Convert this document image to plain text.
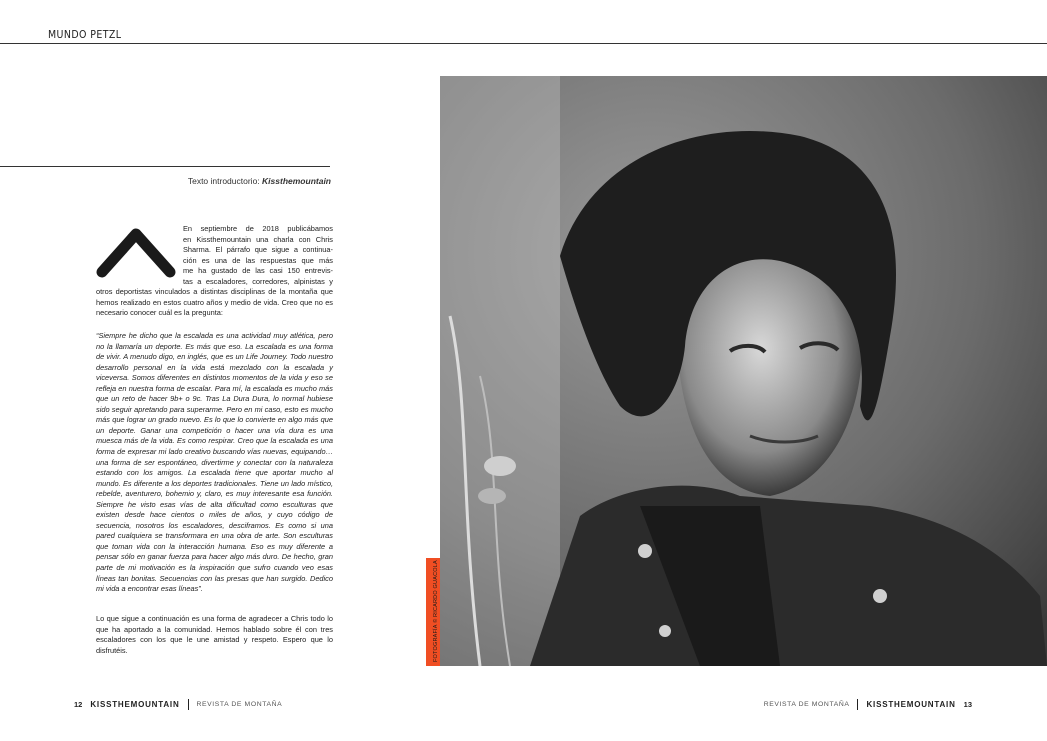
MUNDO PETZL
Texto introductorio: Kissthemountain
En septiembre de 2018 publicábamos
en Kissthemountain una charla con Chris
Sharma. El párrafo que sigue a continua-
ción es una de las respuestas que más
me ha gustado de las casi 150 entrevis-
tas a escaladores, corredores, alpinistas y

otros deportistas vinculados a distintas disciplinas de la montaña que hemos realizado en estos cuatro años y medio de vida. Creo que no es necesario conocer cuál es la pregunta:

“Siempre he dicho que la escalada es una actividad muy atlética, pero no la llamaría un deporte. Es más que eso. La escalada es una forma de vivir. A menudo digo, en inglés, que es un Life Journey. Todo nuestro desarrollo personal en la vida está mezclado con la escalada y viceversa. Somos diferentes en distintos momentos de la vida y eso se refleja en nuestra forma de escalar. Para mí, la escalada es mucho más que un reto de hacer 9b+ o 9c. Tras La Dura Dura, lo normal hubiese sido seguir apretando para superarme. Pero en mi caso, esto es mucho más que lograr un grado nuevo. Es lo que lo convierte en algo más que un deporte. Ganar una competición o hacer una vía dura es una muesca más de la vida. Es como respirar. Creo que la escalada es una forma de expresar mi lado creativo buscando vías nuevas, equipando… una forma de ser espontáneo, divertirme y conectar con la naturaleza estando con los amigos. La escalada tiene que aportar mucho al mundo. Es diferente a los deportes tradicionales. Tiene un lado místico, rebelde, aventurero, bohemio y, claro, es muy interesante esa función. Siempre he visto esas vías de alta dificultad como esculturas que existen desde hace cientos o miles de años, y cuyo código de secuencia, nosotros los escaladores, desciframos. Es como si una pared cualquiera se transformara en una obra de arte. Son esculturas que toman vida con la interacción humana. Eso es muy diferente a pensar sólo en ganar fuerza para hacer algo más duro. De hecho, gran parte de mi motivación es la inspiración que sufro cuando veo esas líneas tan bonitas. Secuencias con las presas que han surgido. Dedico mi vida a encontrar esas líneas”.

Lo que sigue a continuación es una forma de agradecer a Chris todo lo que ha aportado a la comunidad. Hemos hablado sobre él con tres escaladores con los que le une amistad y respeto. Espero que lo disfrutéis.	FOTOGRAFÍA © RICARDO GUACOLA
12 KISSTHEMOUNTAIN	REVISTA DE MONTAÑA	REVISTA DE MONTAÑA KISSTHEMOUNTAIN 13
